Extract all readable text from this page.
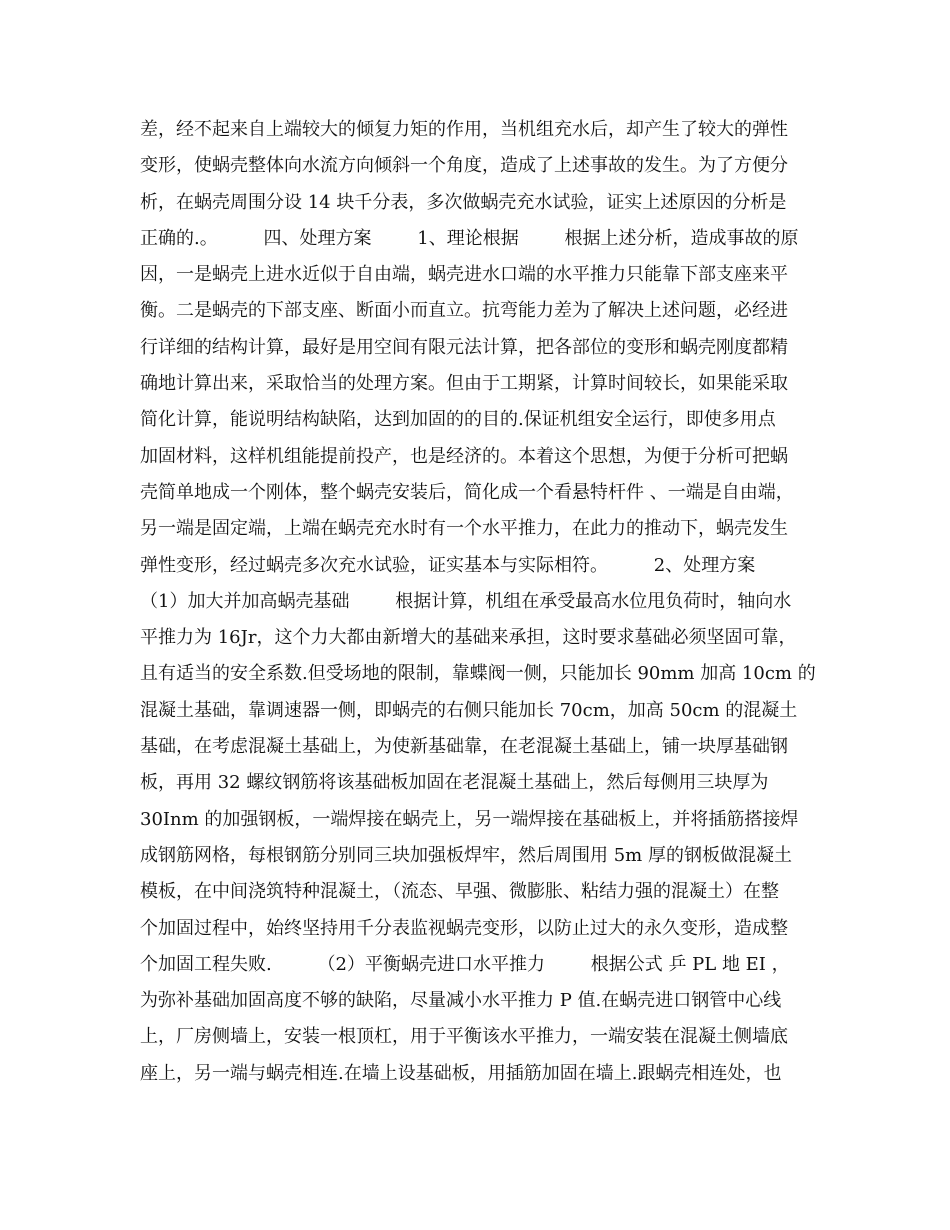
差，经不起来自上端较大的倾复力矩的作用，当机组充水后，却产生了较大的弹性
变形，使蜗壳整体向水流方向倾斜一个角度，造成了上述事故的发生。为了方便分
析，在蜗壳周围分设 14 块千分表，多次做蜗壳充水试验，证实上述原因的分析是
正确的.。        四、处理方案        1、理论根据        根据上述分析，造成事故的原
因，一是蜗壳上进水近似于自由端，蜗壳进水口端的水平推力只能靠下部支座来平
衡。二是蜗壳的下部支座、断面小而直立。抗弯能力差为了解决上述问题，必经进
行详细的结构计算，最好是用空间有限元法计算，把各部位的变形和蜗壳刚度都精
确地计算出来，采取恰当的处理方案。但由于工期紧，计算时间较长，如果能采取
简化计算，能说明结构缺陷，达到加固的的目的.保证机组安全运行，即使多用点
加固材料，这样机组能提前投产，也是经济的。本着这个思想，为便于分析可把蜗
壳简单地成一个刚体，整个蜗壳安装后，简化成一个看悬特杆件 、一端是自由端，
另一端是固定端，上端在蜗壳充水时有一个水平推力，在此力的推动下，蜗壳发生
弹性变形，经过蜗壳多次充水试验，证实基本与实际相符。        2、处理方案
（1）加大并加高蜗壳基础        根据计算，机组在承受最高水位甩负荷时，轴向水
平推力为 16Jr，这个力大都由新增大的基础来承担，这时要求墓础必须坚固可靠，
且有适当的安全系数.但受场地的限制，靠蝶阀一侧，只能加长 90mm 加高 10cm 的
混凝土基础，靠调速器一侧，即蜗壳的右侧只能加长 70cm，加高 50cm 的混凝土
基础，在考虑混凝土基础上，为使新基础靠，在老混凝土基础上，铺一块厚基础钢
板，再用 32 螺纹钢筋将该基础板加固在老混凝土基础上，然后每侧用三块厚为
30Inm 的加强钢板，一端焊接在蜗壳上，另一端焊接在基础板上，并将插筋搭接焊
成钢筋网格，每根钢筋分别同三块加强板焊牢，然后周围用 5m 厚的钢板做混凝土
模板，在中间浇筑特种混凝土，（流态、早强、微膨胀、粘结力强的混凝土）在整
个加固过程中，始终坚持用千分表监视蜗壳变形，以防止过大的永久变形，造成整
个加固工程失败.        （2）平衡蜗壳进口水平推力        根据公式 乒 PL 地 EI ，
为弥补基础加固高度不够的缺陷，尽量减小水平推力 P 值.在蜗壳进口钢管中心线
上，厂房侧墙上，安装一根顶杠，用于平衡该水平推力，一端安装在混凝土侧墙底
座上，另一端与蜗壳相连.在墙上设基础板，用插筋加固在墙上.跟蜗壳相连处，也
